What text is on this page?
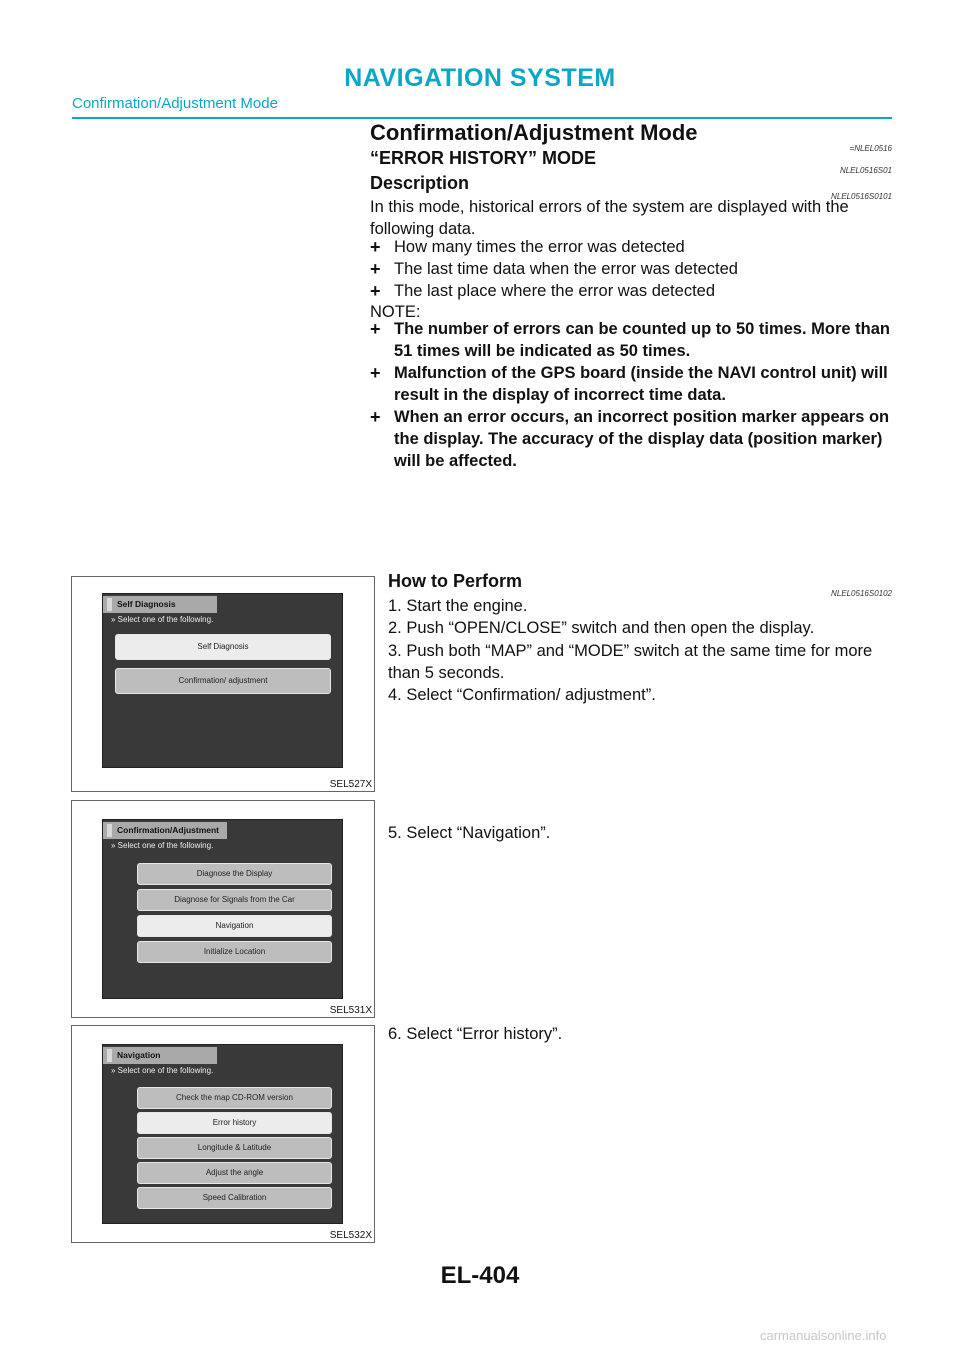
NAVIGATION SYSTEM
Confirmation/Adjustment Mode
Confirmation/Adjustment Mode
=NLEL0516
“ERROR HISTORY” MODE
NLEL0516S01
Description
NLEL0516S0101
In this mode, historical errors of the system are displayed with the following data.
+ How many times the error was detected
+ The last time data when the error was detected
+ The last place where the error was detected
NOTE:
+ The number of errors can be counted up to 50 times. More than 51 times will be indicated as 50 times.
+ Malfunction of the GPS board (inside the NAVI control unit) will result in the display of incorrect time data.
+ When an error occurs, an incorrect position marker appears on the display. The accuracy of the display data (position marker) will be affected.
How to Perform
NLEL0516S0102
1. Start the engine.
2. Push “OPEN/CLOSE” switch and then open the display.
3. Push both “MAP” and “MODE” switch at the same time for more than 5 seconds.
4. Select “Confirmation/ adjustment”.
5. Select “Navigation”.
6. Select “Error history”.
Self Diagnosis
» Select one of the following.
Self Diagnosis
Confirmation/ adjustment
SEL527X
Confirmation/Adjustment
» Select one of the following.
Diagnose the Display
Diagnose for Signals from the Car
Navigation
Initialize Location
SEL531X
Navigation
» Select one of the following.
Check the map CD-ROM version
Error history
Longitude & Latitude
Adjust the angle
Speed Calibration
SEL532X
EL-404
carmanualsonline.info
